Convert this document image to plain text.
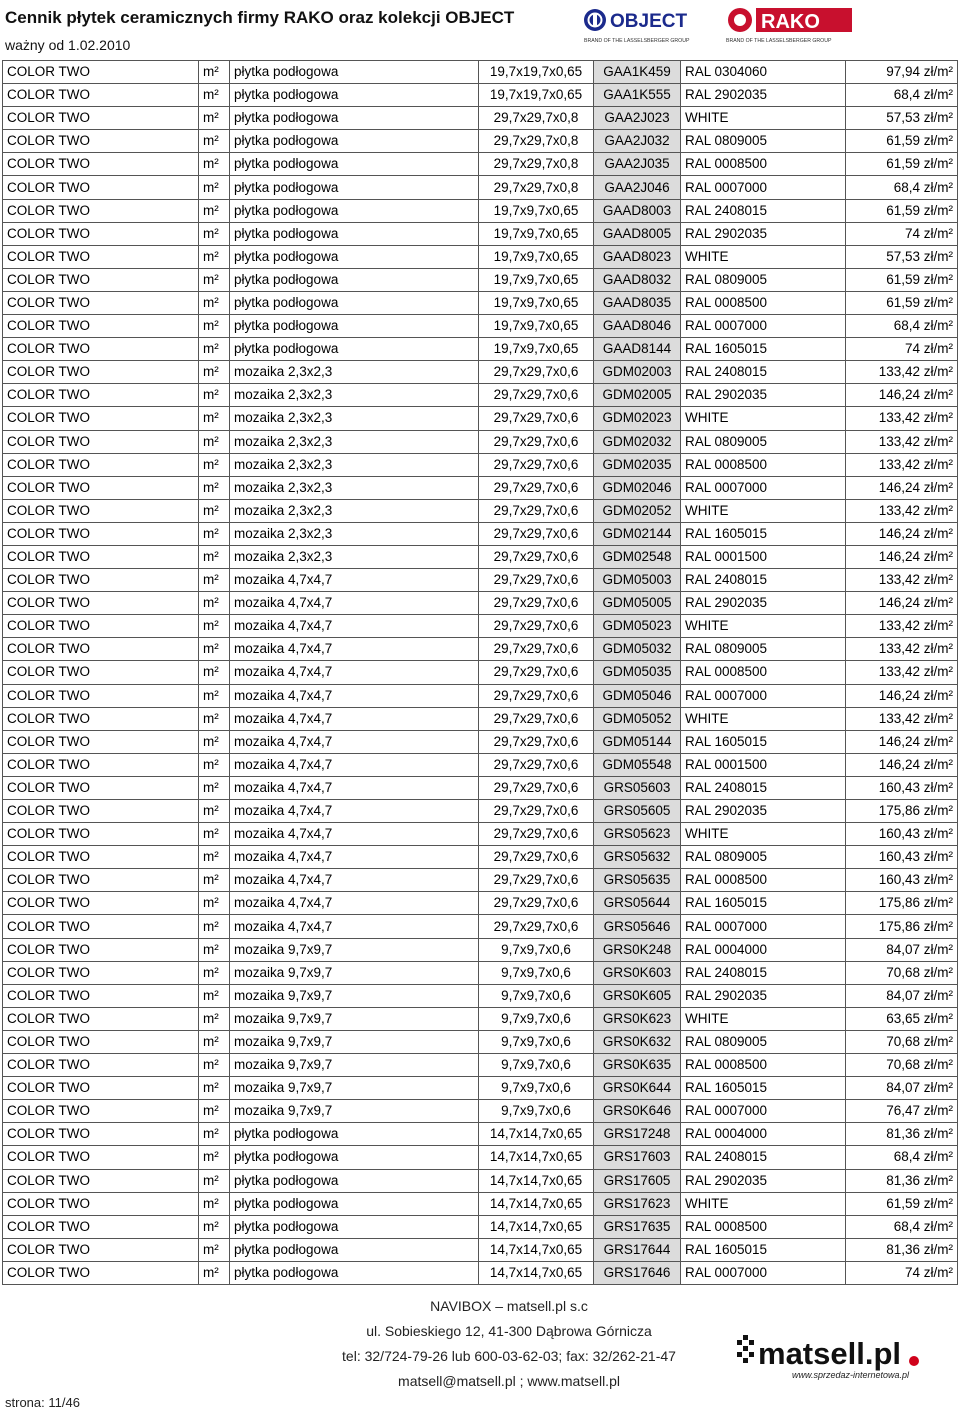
Cennik płytek ceramicznych firmy RAKO oraz kolekcji OBJECT
ważny od 1.02.2010
OBJECT
BRAND OF THE LASSELSBERGER GROUP
RAKO
BRAND OF THE LASSELSBERGER GROUP
COLOR TWO	m²	płytka podłogowa	19,7x19,7x0,65	GAA1K459	RAL 0304060	97,94 zł/m²
COLOR TWO	m²	płytka podłogowa	19,7x19,7x0,65	GAA1K555	RAL 2902035	68,4 zł/m²
COLOR TWO	m²	płytka podłogowa	29,7x29,7x0,8	GAA2J023	WHITE	57,53 zł/m²
COLOR TWO	m²	płytka podłogowa	29,7x29,7x0,8	GAA2J032	RAL 0809005	61,59 zł/m²
COLOR TWO	m²	płytka podłogowa	29,7x29,7x0,8	GAA2J035	RAL 0008500	61,59 zł/m²
COLOR TWO	m²	płytka podłogowa	29,7x29,7x0,8	GAA2J046	RAL 0007000	68,4 zł/m²
COLOR TWO	m²	płytka podłogowa	19,7x9,7x0,65	GAAD8003	RAL 2408015	61,59 zł/m²
COLOR TWO	m²	płytka podłogowa	19,7x9,7x0,65	GAAD8005	RAL 2902035	74 zł/m²
COLOR TWO	m²	płytka podłogowa	19,7x9,7x0,65	GAAD8023	WHITE	57,53 zł/m²
COLOR TWO	m²	płytka podłogowa	19,7x9,7x0,65	GAAD8032	RAL 0809005	61,59 zł/m²
COLOR TWO	m²	płytka podłogowa	19,7x9,7x0,65	GAAD8035	RAL 0008500	61,59 zł/m²
COLOR TWO	m²	płytka podłogowa	19,7x9,7x0,65	GAAD8046	RAL 0007000	68,4 zł/m²
COLOR TWO	m²	płytka podłogowa	19,7x9,7x0,65	GAAD8144	RAL 1605015	74 zł/m²
COLOR TWO	m²	mozaika 2,3x2,3	29,7x29,7x0,6	GDM02003	RAL 2408015	133,42 zł/m²
COLOR TWO	m²	mozaika 2,3x2,3	29,7x29,7x0,6	GDM02005	RAL 2902035	146,24 zł/m²
COLOR TWO	m²	mozaika 2,3x2,3	29,7x29,7x0,6	GDM02023	WHITE	133,42 zł/m²
COLOR TWO	m²	mozaika 2,3x2,3	29,7x29,7x0,6	GDM02032	RAL 0809005	133,42 zł/m²
COLOR TWO	m²	mozaika 2,3x2,3	29,7x29,7x0,6	GDM02035	RAL 0008500	133,42 zł/m²
COLOR TWO	m²	mozaika 2,3x2,3	29,7x29,7x0,6	GDM02046	RAL 0007000	146,24 zł/m²
COLOR TWO	m²	mozaika 2,3x2,3	29,7x29,7x0,6	GDM02052	WHITE	133,42 zł/m²
COLOR TWO	m²	mozaika 2,3x2,3	29,7x29,7x0,6	GDM02144	RAL 1605015	146,24 zł/m²
COLOR TWO	m²	mozaika 2,3x2,3	29,7x29,7x0,6	GDM02548	RAL 0001500	146,24 zł/m²
COLOR TWO	m²	mozaika 4,7x4,7	29,7x29,7x0,6	GDM05003	RAL 2408015	133,42 zł/m²
COLOR TWO	m²	mozaika 4,7x4,7	29,7x29,7x0,6	GDM05005	RAL 2902035	146,24 zł/m²
COLOR TWO	m²	mozaika 4,7x4,7	29,7x29,7x0,6	GDM05023	WHITE	133,42 zł/m²
COLOR TWO	m²	mozaika 4,7x4,7	29,7x29,7x0,6	GDM05032	RAL 0809005	133,42 zł/m²
COLOR TWO	m²	mozaika 4,7x4,7	29,7x29,7x0,6	GDM05035	RAL 0008500	133,42 zł/m²
COLOR TWO	m²	mozaika 4,7x4,7	29,7x29,7x0,6	GDM05046	RAL 0007000	146,24 zł/m²
COLOR TWO	m²	mozaika 4,7x4,7	29,7x29,7x0,6	GDM05052	WHITE	133,42 zł/m²
COLOR TWO	m²	mozaika 4,7x4,7	29,7x29,7x0,6	GDM05144	RAL 1605015	146,24 zł/m²
COLOR TWO	m²	mozaika 4,7x4,7	29,7x29,7x0,6	GDM05548	RAL 0001500	146,24 zł/m²
COLOR TWO	m²	mozaika 4,7x4,7	29,7x29,7x0,6	GRS05603	RAL 2408015	160,43 zł/m²
COLOR TWO	m²	mozaika 4,7x4,7	29,7x29,7x0,6	GRS05605	RAL 2902035	175,86 zł/m²
COLOR TWO	m²	mozaika 4,7x4,7	29,7x29,7x0,6	GRS05623	WHITE	160,43 zł/m²
COLOR TWO	m²	mozaika 4,7x4,7	29,7x29,7x0,6	GRS05632	RAL 0809005	160,43 zł/m²
COLOR TWO	m²	mozaika 4,7x4,7	29,7x29,7x0,6	GRS05635	RAL 0008500	160,43 zł/m²
COLOR TWO	m²	mozaika 4,7x4,7	29,7x29,7x0,6	GRS05644	RAL 1605015	175,86 zł/m²
COLOR TWO	m²	mozaika 4,7x4,7	29,7x29,7x0,6	GRS05646	RAL 0007000	175,86 zł/m²
COLOR TWO	m²	mozaika 9,7x9,7	9,7x9,7x0,6	GRS0K248	RAL 0004000	84,07 zł/m²
COLOR TWO	m²	mozaika 9,7x9,7	9,7x9,7x0,6	GRS0K603	RAL 2408015	70,68 zł/m²
COLOR TWO	m²	mozaika 9,7x9,7	9,7x9,7x0,6	GRS0K605	RAL 2902035	84,07 zł/m²
COLOR TWO	m²	mozaika 9,7x9,7	9,7x9,7x0,6	GRS0K623	WHITE	63,65 zł/m²
COLOR TWO	m²	mozaika 9,7x9,7	9,7x9,7x0,6	GRS0K632	RAL 0809005	70,68 zł/m²
COLOR TWO	m²	mozaika 9,7x9,7	9,7x9,7x0,6	GRS0K635	RAL 0008500	70,68 zł/m²
COLOR TWO	m²	mozaika 9,7x9,7	9,7x9,7x0,6	GRS0K644	RAL 1605015	84,07 zł/m²
COLOR TWO	m²	mozaika 9,7x9,7	9,7x9,7x0,6	GRS0K646	RAL 0007000	76,47 zł/m²
COLOR TWO	m²	płytka podłogowa	14,7x14,7x0,65	GRS17248	RAL 0004000	81,36 zł/m²
COLOR TWO	m²	płytka podłogowa	14,7x14,7x0,65	GRS17603	RAL 2408015	68,4 zł/m²
COLOR TWO	m²	płytka podłogowa	14,7x14,7x0,65	GRS17605	RAL 2902035	81,36 zł/m²
COLOR TWO	m²	płytka podłogowa	14,7x14,7x0,65	GRS17623	WHITE	61,59 zł/m²
COLOR TWO	m²	płytka podłogowa	14,7x14,7x0,65	GRS17635	RAL 0008500	68,4 zł/m²
COLOR TWO	m²	płytka podłogowa	14,7x14,7x0,65	GRS17644	RAL 1605015	81,36 zł/m²
COLOR TWO	m²	płytka podłogowa	14,7x14,7x0,65	GRS17646	RAL 0007000	74 zł/m²
NAVIBOX – matsell.pl s.c
ul. Sobieskiego 12, 41-300 Dąbrowa Górnicza
tel: 32/724-79-26 lub 600-03-62-03; fax: 32/262-21-47
matsell@matsell.pl ; www.matsell.pl
strona: 11/46
matsell.pl
www.sprzedaz-internetowa.pl
